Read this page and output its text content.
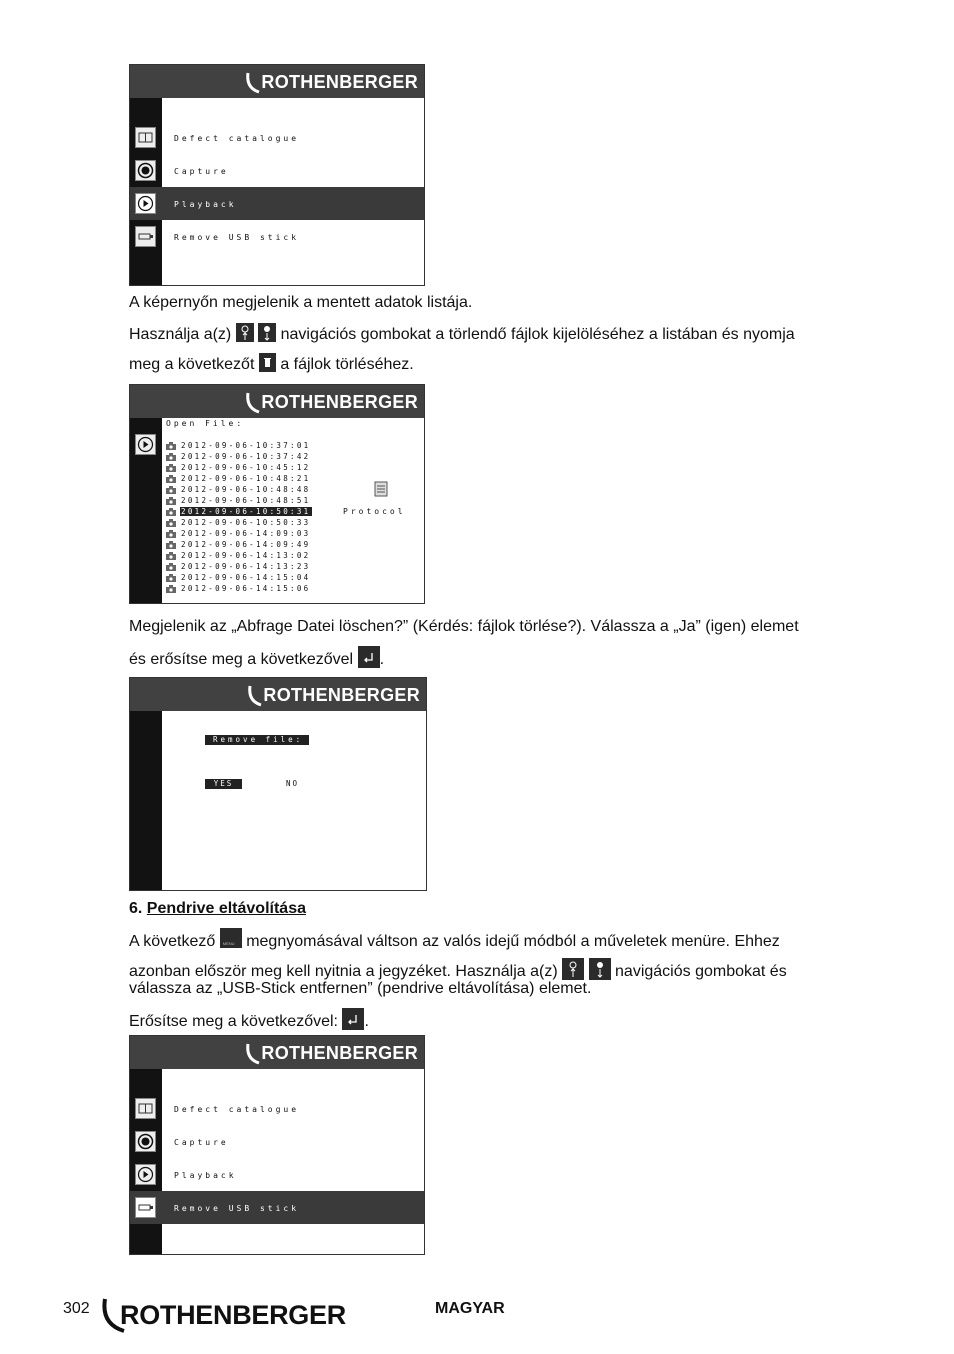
ROTHENBERGER
Defect catalogue
Capture
Playback
Remove USB stick
A képernyőn megjelenik a mentett adatok listája.
Használja a(z)
	navigációs gombokat a törlendő fájlok kijelöléséhez a listában és nyomja
meg a következőt a fájlok törléséhez.
ROTHENBERGER
Open File:
2012-09-06-10:37:01
2012-09-06-10:37:42
2012-09-06-10:45:12
2012-09-06-10:48:21
2012-09-06-10:48:48
2012-09-06-10:48:51
2012-09-06-10:50:31
2012-09-06-10:50:33
2012-09-06-14:09:03
2012-09-06-14:09:49
2012-09-06-14:13:02
2012-09-06-14:13:23
2012-09-06-14:15:04
2012-09-06-14:15:06
Protocol
Megjelenik az „Abfrage Datei löschen?” (Kérdés: fájlok törlése?). Válassza a „Ja” (igen) elemet
és erősítse meg a következővel .
ROTHENBERGER
Remove file:
YES	NO
6. Pendrive eltávolítása
A következő MENU megnyomásával váltson az valós idejű módból a műveletek menüre. Ehhez
azonban először meg kell nyitnia a jegyzéket. Használja a(z)
	navigációs gombokat és
válassza az „USB-Stick entfernen” (pendrive eltávolítása) elemet.
Erősítse meg a következővel: .
ROTHENBERGER
Defect catalogue
Capture
Playback
Remove USB stick
302 ROTHENBERGER	MAGYAR
